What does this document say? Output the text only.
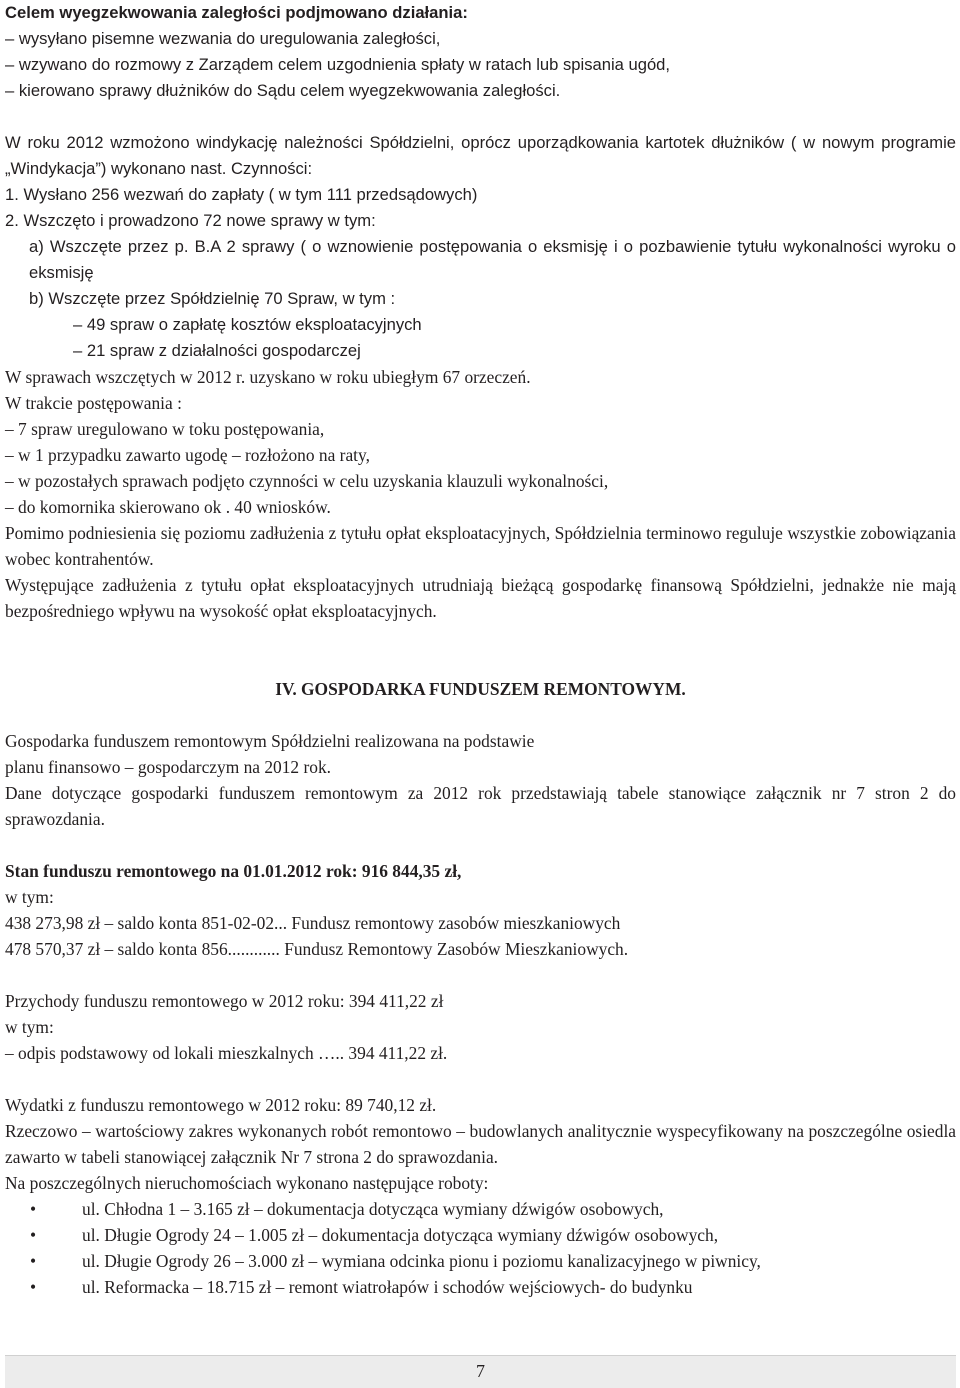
Celem wyegzekwowania zaległości podjmowano działania:
– wysyłano pisemne wezwania do uregulowania zaległości,
– wzywano do rozmowy z Zarządem celem uzgodnienia spłaty w ratach lub spisania ugód,
– kierowano sprawy dłużników do Sądu celem wyegzekwowania zaległości.
W roku 2012 wzmożono windykację należności Spółdzielni, oprócz uporządkowania kartotek dłużników ( w nowym programie „Windykacja”) wykonano nast. Czynności:
1. Wysłano 256 wezwań do zapłaty ( w tym 111 przedsądowych)
2. Wszczęto i prowadzono 72 nowe sprawy w tym:
a) Wszczęte przez p. B.A 2 sprawy ( o wznowienie postępowania o eksmisję i o pozbawienie tytułu wykonalności wyroku o eksmisję
b) Wszczęte przez Spółdzielnię 70 Spraw, w tym :
– 49 spraw o zapłatę kosztów eksploatacyjnych
– 21 spraw z działalności gospodarczej
W sprawach wszczętych w 2012 r. uzyskano w roku ubiegłym 67 orzeczeń.
W trakcie postępowania :
– 7 spraw uregulowano w toku postępowania,
– w 1 przypadku zawarto ugodę – rozłożono na raty,
– w pozostałych sprawach podjęto czynności w celu uzyskania klauzuli wykonalności,
– do komornika skierowano ok . 40 wniosków.
Pomimo podniesienia się poziomu zadłużenia z tytułu opłat eksploatacyjnych, Spółdzielnia terminowo reguluje wszystkie zobowiązania wobec kontrahentów.
Występujące zadłużenia z tytułu opłat eksploatacyjnych utrudniają bieżącą gospodarkę finansową Spółdzielni, jednakże nie mają bezpośredniego wpływu na wysokość opłat eksploatacyjnych.
IV. GOSPODARKA FUNDUSZEM REMONTOWYM.
Gospodarka funduszem remontowym Spółdzielni realizowana na podstawie
planu finansowo – gospodarczym na 2012 rok.
Dane dotyczące gospodarki funduszem remontowym za 2012 rok przedstawiają tabele stanowiące załącznik nr 7 stron 2 do sprawozdania.
Stan funduszu remontowego na 01.01.2012 rok: 916 844,35 zł,
w tym:
438 273,98 zł – saldo konta 851-02-02... Fundusz remontowy zasobów mieszkaniowych
478 570,37 zł – saldo konta 856............ Fundusz Remontowy Zasobów Mieszkaniowych.
Przychody funduszu remontowego w 2012 roku: 394 411,22 zł
w tym:
– odpis podstawowy od lokali mieszkalnych ….. 394 411,22 zł.
Wydatki z funduszu remontowego w 2012 roku: 89 740,12 zł.
Rzeczowo – wartościowy zakres wykonanych robót remontowo – budowlanych analitycznie wyspecyfikowany na poszczególne osiedla zawarto w tabeli stanowiącej załącznik Nr 7 strona 2 do sprawozdania.
Na poszczególnych nieruchomościach wykonano następujące roboty:
•	ul. Chłodna 1 – 3.165 zł – dokumentacja dotycząca wymiany dźwigów osobowych,
•	ul. Długie Ogrody 24 – 1.005 zł – dokumentacja dotycząca wymiany dźwigów osobowych,
•	ul. Długie Ogrody 26 – 3.000 zł – wymiana odcinka pionu i poziomu kanalizacyjnego w piwnicy,
•	ul. Reformacka – 18.715 zł – remont wiatrołapów i schodów wejściowych- do budynku
7
